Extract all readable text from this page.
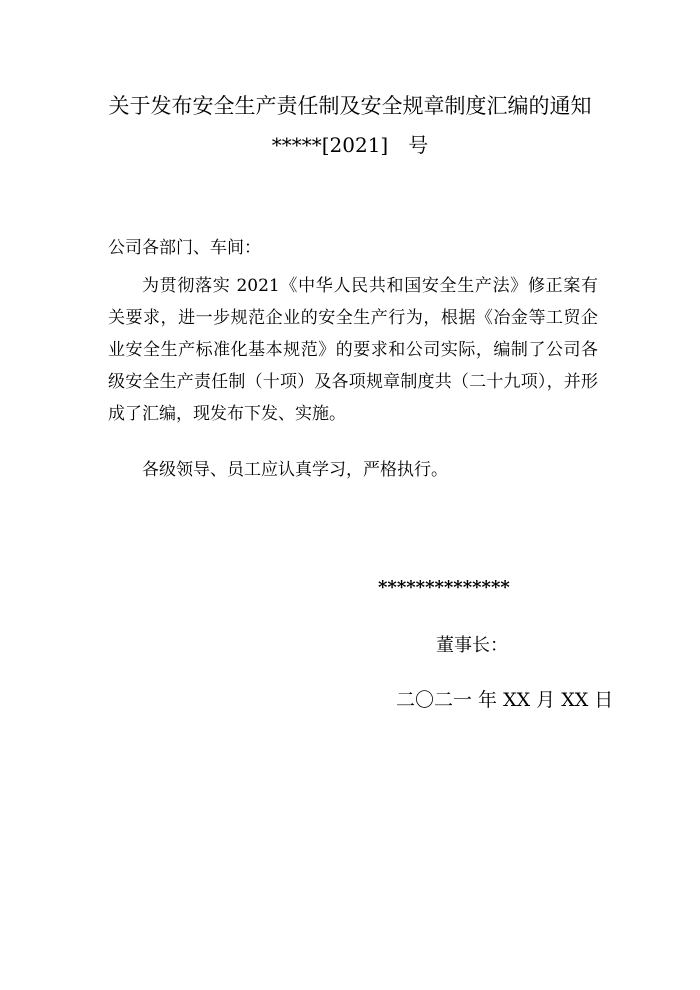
关于发布安全生产责任制及安全规章制度汇编的通知
*****[2021]　号
公司各部门、车间：
为贯彻落实 2021《中华人民共和国安全生产法》修正案有关要求，进一步规范企业的安全生产行为，根据《冶金等工贸企业安全生产标准化基本规范》的要求和公司实际，编制了公司各级安全生产责任制（十项）及各项规章制度共（二十九项），并形成了汇编，现发布下发、实施。
各级领导、员工应认真学习，严格执行。
**************
董事长：
二〇二一 年 XX 月 XX 日
